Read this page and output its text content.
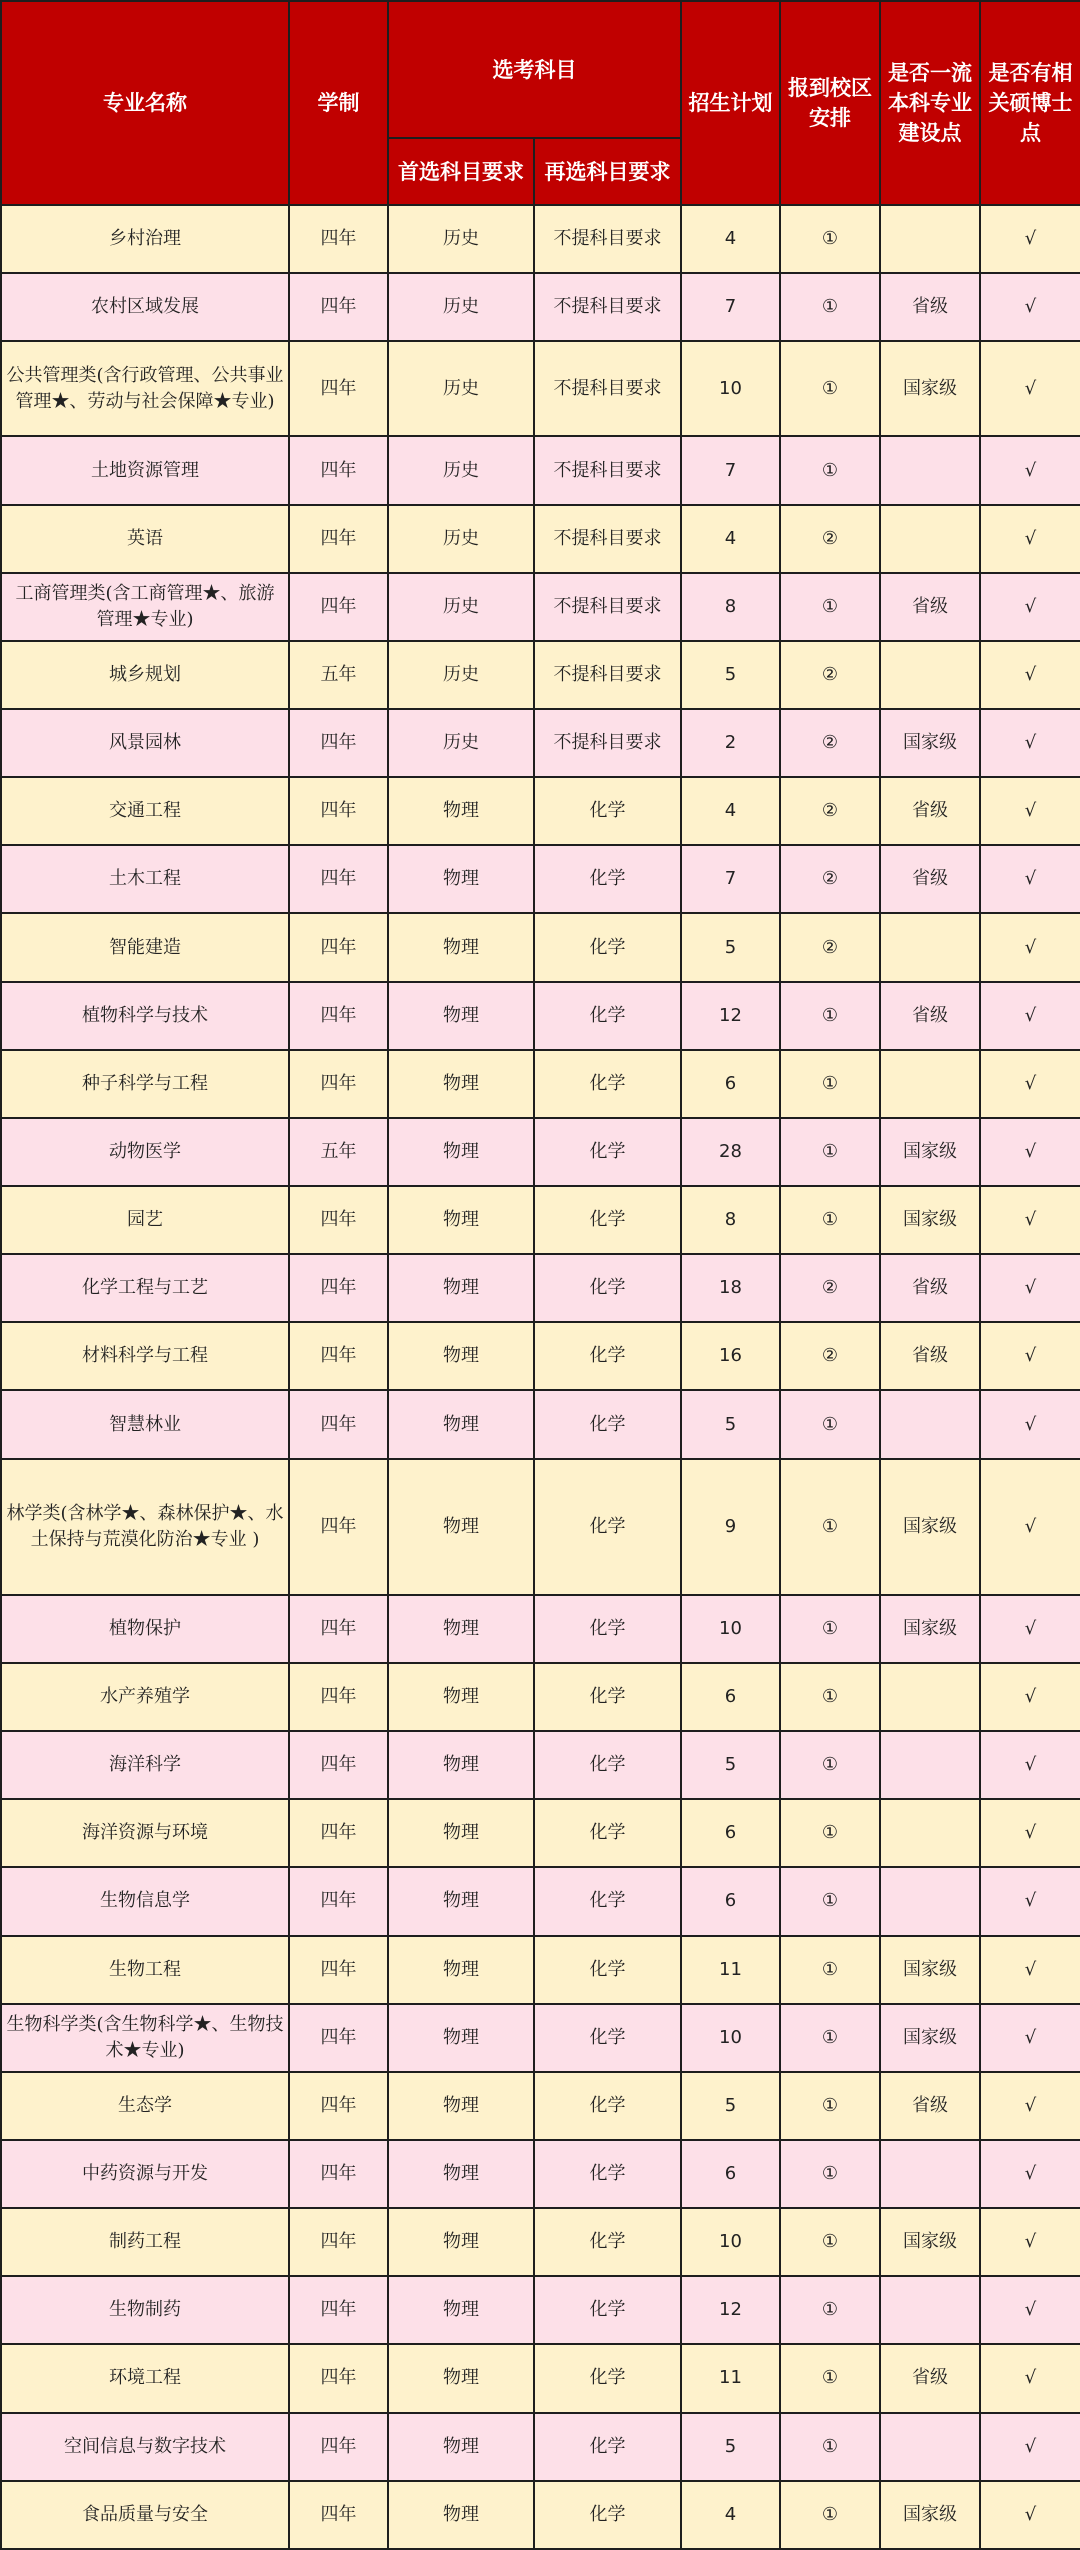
专业名称	学制	选考科目		招生计划	报到校区安排	是否一流本科专业建设点	是否有相关硕博士点
		首选科目要求	再选科目要求				
乡村治理	四年	历史	不提科目要求	4	①		√
农村区域发展	四年	历史	不提科目要求	7	①	省级	√
公共管理类(含行政管理、公共事业管理★、劳动与社会保障★专业)	四年	历史	不提科目要求	10	①	国家级	√
土地资源管理	四年	历史	不提科目要求	7	①		√
英语	四年	历史	不提科目要求	4	②		√
工商管理类(含工商管理★、旅游 管理★专业)	四年	历史	不提科目要求	8	①	省级	√
城乡规划	五年	历史	不提科目要求	5	②		√
风景园林	四年	历史	不提科目要求	2	②	国家级	√
交通工程	四年	物理	化学	4	②	省级	√
土木工程	四年	物理	化学	7	②	省级	√
智能建造	四年	物理	化学	5	②		√
植物科学与技术	四年	物理	化学	12	①	省级	√
种子科学与工程	四年	物理	化学	6	①		√
动物医学	五年	物理	化学	28	①	国家级	√
园艺	四年	物理	化学	8	①	国家级	√
化学工程与工艺	四年	物理	化学	18	②	省级	√
材料科学与工程	四年	物理	化学	16	②	省级	√
智慧林业	四年	物理	化学	5	①		√
林学类(含林学★、森林保护★、水土保持与荒漠化防治★专业 )	四年	物理	化学	9	①	国家级	√
植物保护	四年	物理	化学	10	①	国家级	√
水产养殖学	四年	物理	化学	6	①		√
海洋科学	四年	物理	化学	5	①		√
海洋资源与环境	四年	物理	化学	6	①		√
生物信息学	四年	物理	化学	6	①		√
生物工程	四年	物理	化学	11	①	国家级	√
生物科学类(含生物科学★、生物技术★专业)	四年	物理	化学	10	①	国家级	√
生态学	四年	物理	化学	5	①	省级	√
中药资源与开发	四年	物理	化学	6	①		√
制药工程	四年	物理	化学	10	①	国家级	√
生物制药	四年	物理	化学	12	①		√
环境工程	四年	物理	化学	11	①	省级	√
空间信息与数字技术	四年	物理	化学	5	①		√
食品质量与安全	四年	物理	化学	4	①	国家级	√
